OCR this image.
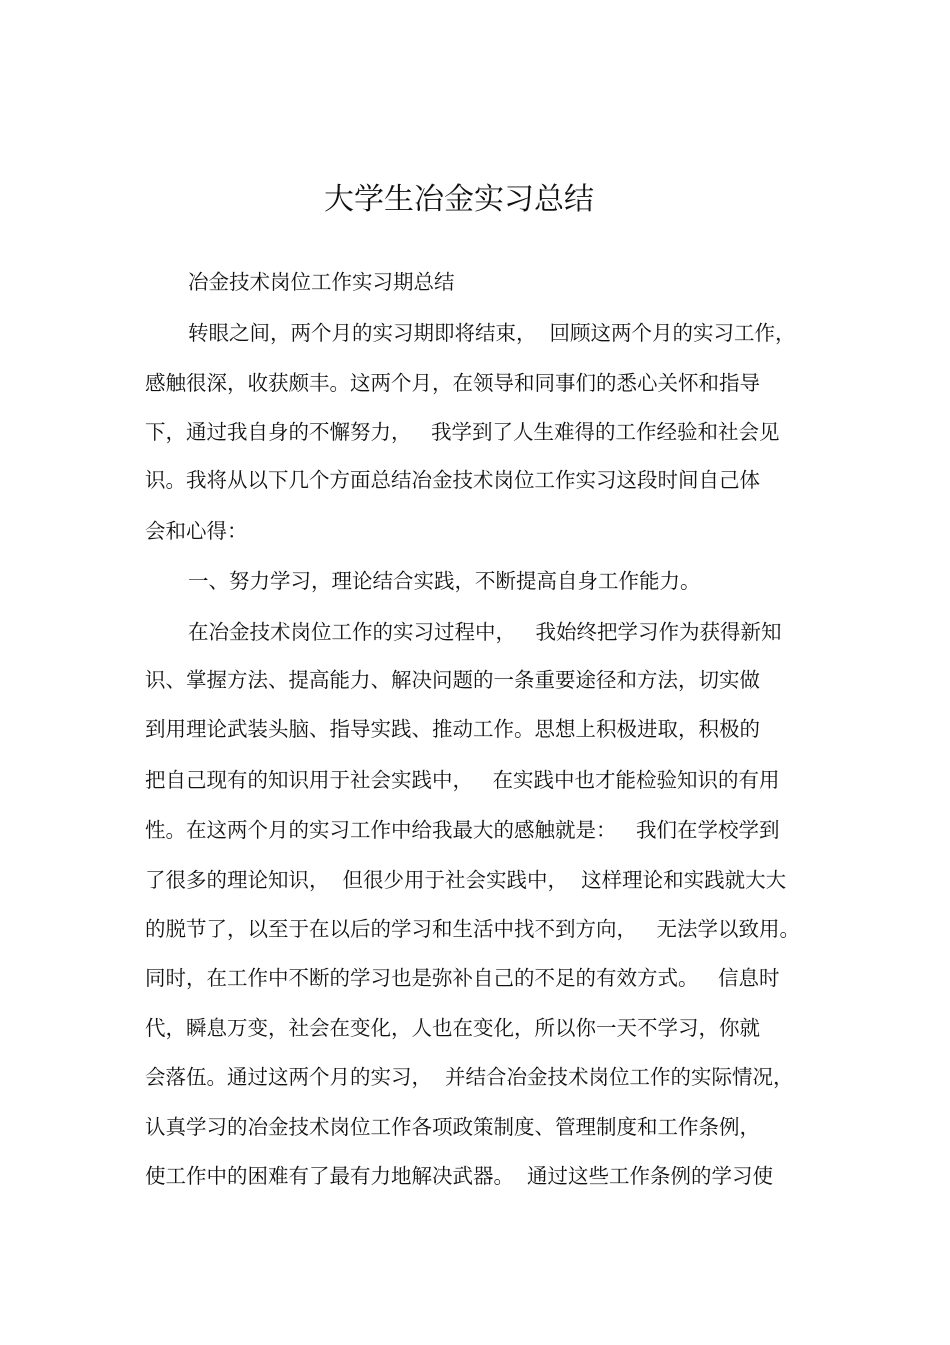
大学生冶金实习总结
冶金技术岗位工作实习期总结
转眼之间，两个月的实习期即将结束，  回顾这两个月的实习工作，
感触很深，收获颇丰。这两个月，在领导和同事们的悉心关怀和指导
下，通过我自身的不懈努力，   我学到了人生难得的工作经验和社会见
识。我将从以下几个方面总结冶金技术岗位工作实习这段时间自己体
会和心得：
一、努力学习，理论结合实践，不断提高自身工作能力。
在冶金技术岗位工作的实习过程中，   我始终把学习作为获得新知
识、掌握方法、提高能力、解决问题的一条重要途径和方法，切实做
到用理论武装头脑、指导实践、推动工作。思想上积极进取，积极的
把自己现有的知识用于社会实践中，   在实践中也才能检验知识的有用
性。在这两个月的实习工作中给我最大的感触就是：   我们在学校学到
了很多的理论知识，  但很少用于社会实践中，  这样理论和实践就大大
的脱节了，以至于在以后的学习和生活中找不到方向，   无法学以致用。
同时，在工作中不断的学习也是弥补自己的不足的有效方式。   信息时
代，瞬息万变，社会在变化，人也在变化，所以你一天不学习，你就
会落伍。通过这两个月的实习，  并结合冶金技术岗位工作的实际情况，
认真学习的冶金技术岗位工作各项政策制度、管理制度和工作条例，
使工作中的困难有了最有力地解决武器。  通过这些工作条例的学习使
